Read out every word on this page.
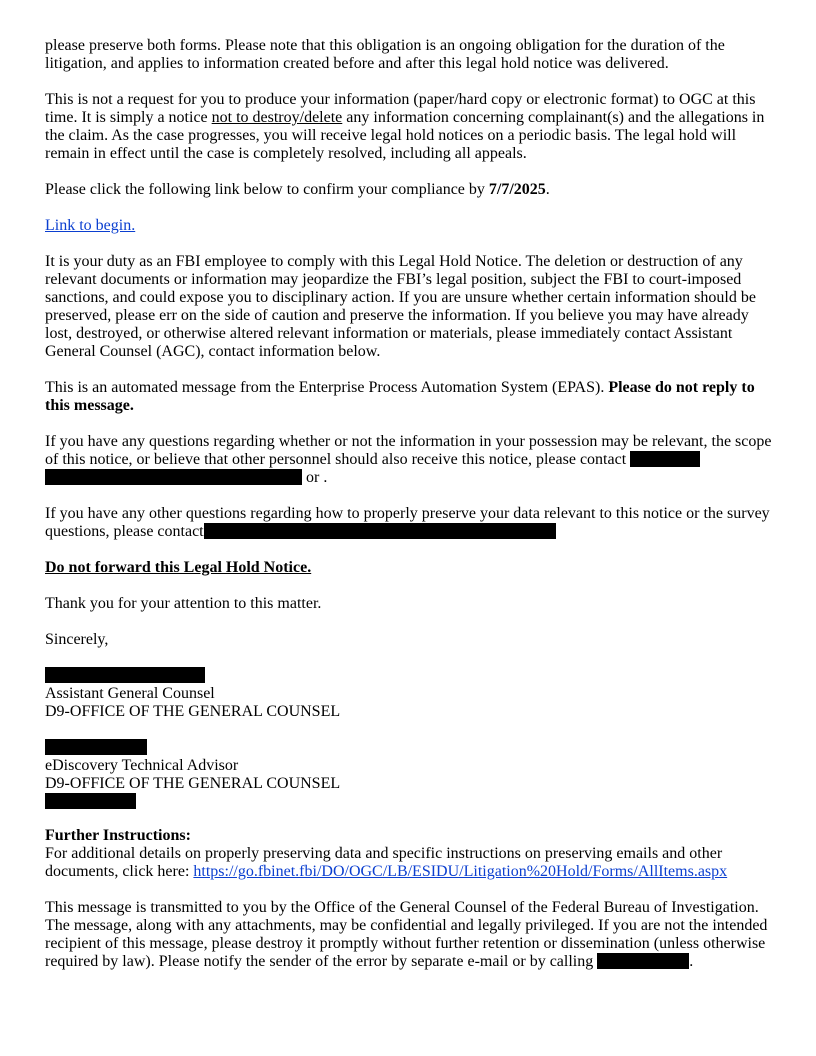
please preserve both forms. Please note that this obligation is an ongoing obligation for the duration of the litigation, and applies to information created before and after this legal hold notice was delivered.

This is not a request for you to produce your information (paper/hard copy or electronic format) to OGC at this time. It is simply a notice not to destroy/delete any information concerning complainant(s) and the allegations in the claim. As the case progresses, you will receive legal hold notices on a periodic basis. The legal hold will remain in effect until the case is completely resolved, including all appeals.

Please click the following link below to confirm your compliance by 7/7/2025.

Link to begin.

It is your duty as an FBI employee to comply with this Legal Hold Notice. The deletion or destruction of any relevant documents or information may jeopardize the FBI’s legal position, subject the FBI to court-imposed sanctions, and could expose you to disciplinary action. If you are unsure whether certain information should be preserved, please err on the side of caution and preserve the information. If you believe you may have already lost, destroyed, or otherwise altered relevant information or materials, please immediately contact Assistant General Counsel (AGC), contact information below.

This is an automated message from the Enterprise Process Automation System (EPAS). Please do not reply to this message.

If you have any questions regarding whether or not the information in your possession may be relevant, the scope of this notice, or believe that other personnel should also receive this notice, please contact
or .

If you have any other questions regarding how to properly preserve your data relevant to this notice or the survey questions, please contact

Do not forward this Legal Hold Notice.

Thank you for your attention to this matter.

Sincerely,

Assistant General Counsel
D9-OFFICE OF THE GENERAL COUNSEL
eDiscovery Technical Advisor
D9-OFFICE OF THE GENERAL COUNSEL

Further Instructions:
For additional details on properly preserving data and specific instructions on preserving emails and other documents, click here: https://go.fbinet.fbi/DO/OGC/LB/ESIDU/Litigation%20Hold/Forms/AllItems.aspx

This message is transmitted to you by the Office of the General Counsel of the Federal Bureau of Investigation. The message, along with any attachments, may be confidential and legally privileged. If you are not the intended recipient of this message, please destroy it promptly without further retention or dissemination (unless otherwise required by law). Please notify the sender of the error by separate e-mail or by calling	.
